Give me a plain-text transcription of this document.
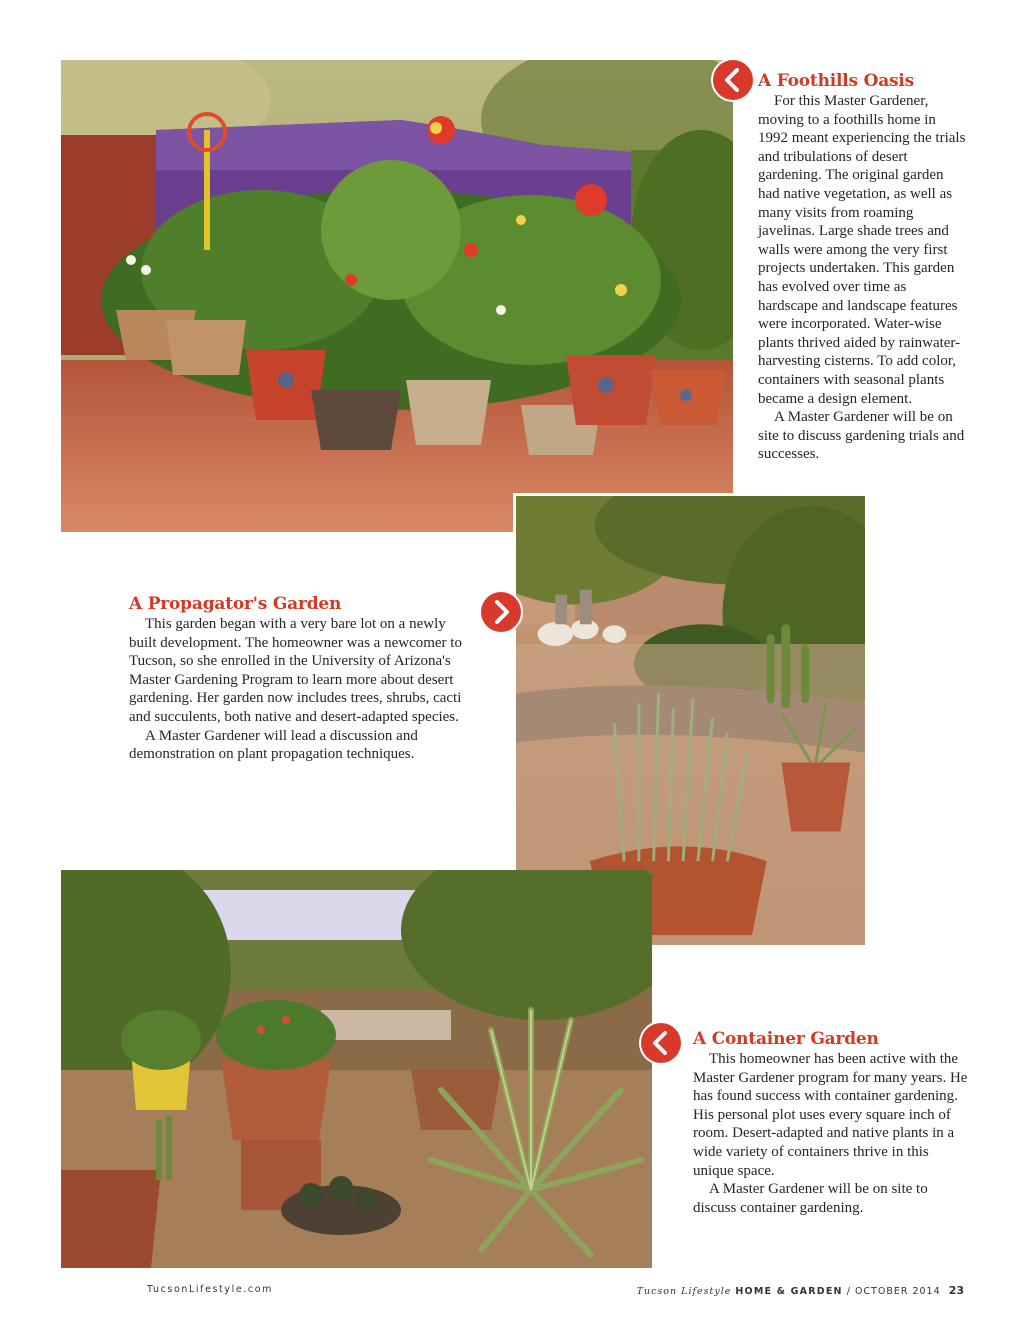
A Foothills Oasis

For this Master Gardener, moving to a foothills home in 1992 meant experiencing the trials and tribulations of desert gardening. The original garden had native vegetation, as well as many visits from roaming javelinas. Large shade trees and walls were among the very first projects undertaken. This garden has evolved over time as hardscape and landscape features were incorporated. Water-wise plants thrived aided by rainwater-harvesting cisterns. To add color, containers with seasonal plants became a design element.

A Master Gardener will be on site to discuss gardening trials and successes.

A Propagator's Garden

This garden began with a very bare lot on a newly built development. The homeowner was a newcomer to Tucson, so she enrolled in the University of Arizona's Master Gardening Program to learn more about desert gardening. Her garden now includes trees, shrubs, cacti and succulents, both native and desert-adapted species.

A Master Gardener will lead a discussion and demonstration on plant propagation techniques.

A Container Garden

This homeowner has been active with the Master Gardener program for many years. He has found success with container gardening. His personal plot uses every square inch of room. Desert-adapted and native plants in a wide variety of containers thrive in this unique space.

A Master Gardener will be on site to discuss container gardening.

TucsonLifestyle.com	Tucson Lifestyle HOME & GARDEN / OCTOBER 2014 23
